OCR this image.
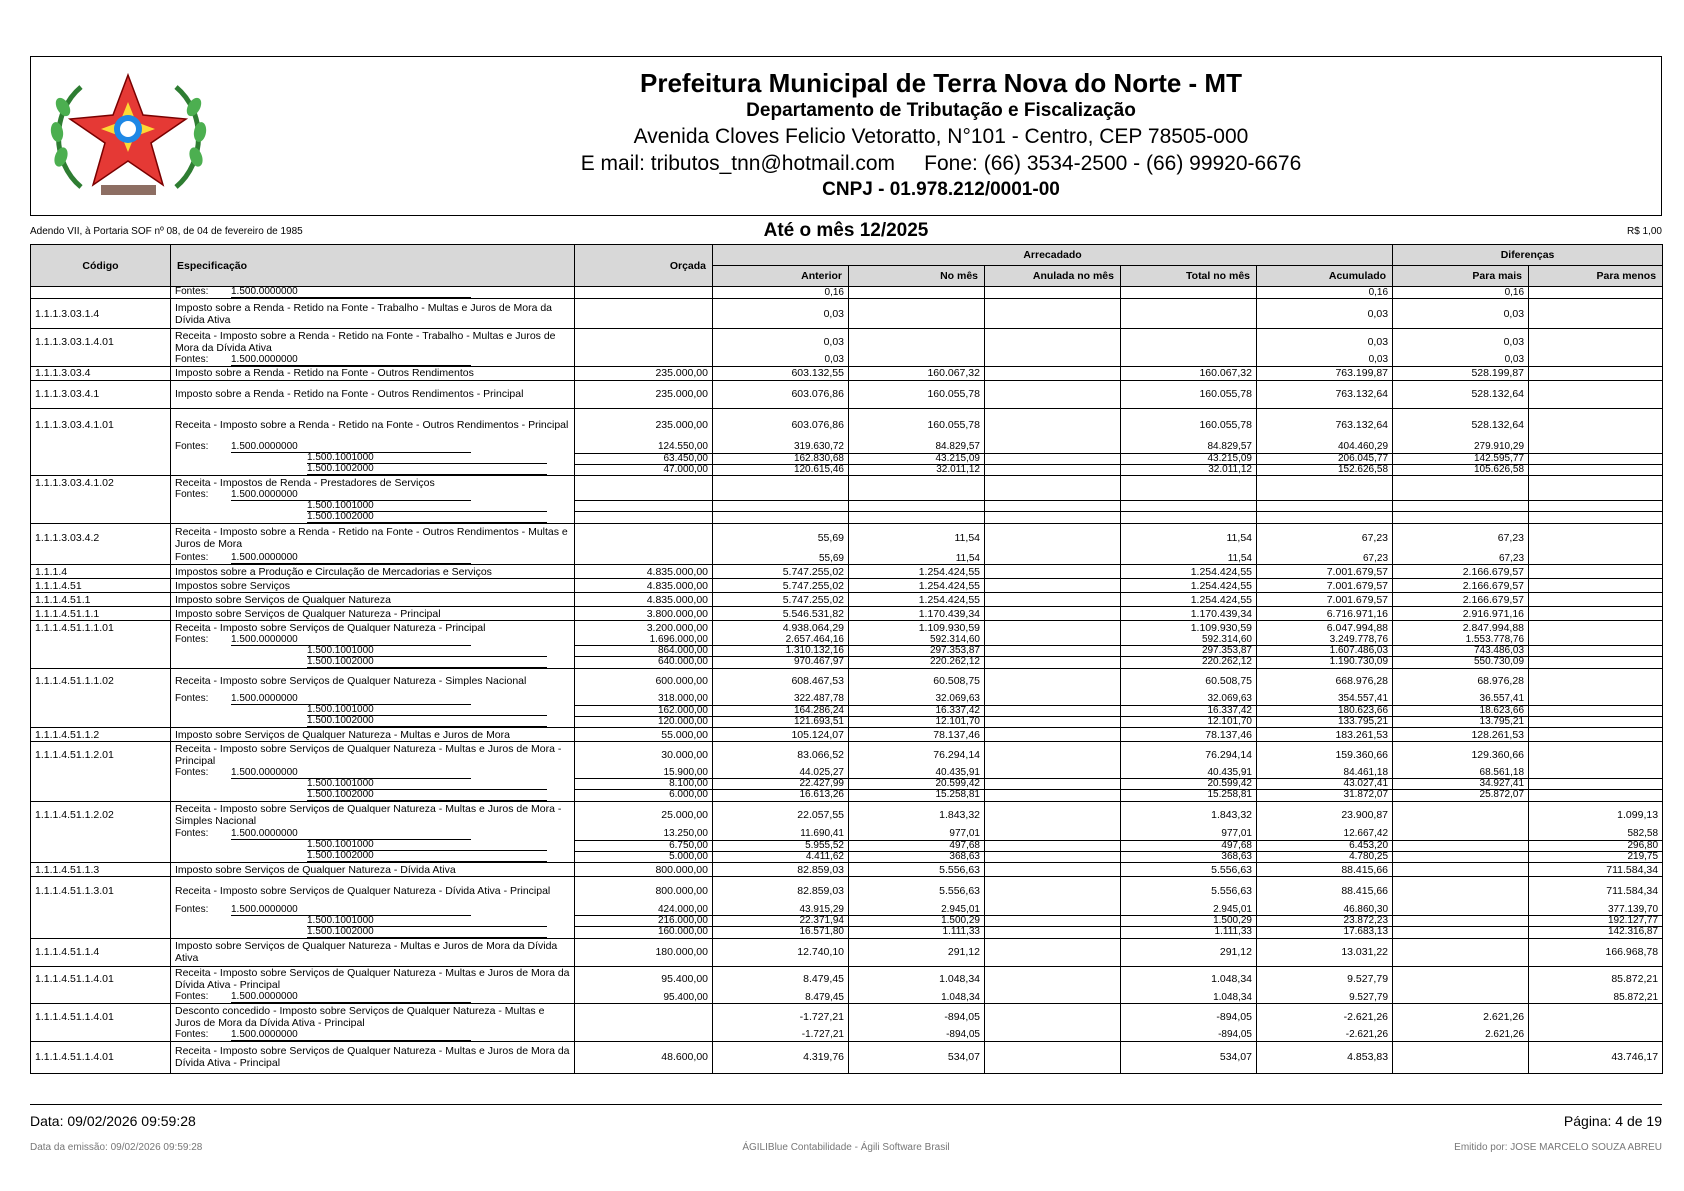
Prefeitura Municipal de Terra Nova do Norte - MT
Departamento de Tributação e Fiscalização
Avenida Cloves Felicio Vetoratto, N°101 - Centro, CEP 78505-000
E mail: tributos_tnn@hotmail.com     Fone: (66) 3534-2500 - (66) 99920-6676
CNPJ - 01.978.212/0001-00
Adendo VII, à Portaria SOF nº 08, de 04 de fevereiro de 1985	Até o mês 12/2025	R$ 1,00
Código	Especificação	Orçada	Arrecadado					Diferenças	
			Anterior	No mês	Anulada no mês	Total no mês	Acumulado	Para mais	Para menos
	Fontes: 1.500.0000000		0,16				0,16	0,16	
1.1.1.3.03.1.4	Imposto sobre a Renda - Retido na Fonte - Trabalho - Multas e Juros de Mora da Dívida Ativa		0,03				0,03	0,03	
1.1.1.3.03.1.4.01	Receita - Imposto sobre a Renda - Retido na Fonte - Trabalho - Multas e Juros de Mora da Dívida Ativa		0,03				0,03	0,03	
	Fontes: 1.500.0000000		0,03				0,03	0,03	
1.1.1.3.03.4	Imposto sobre a Renda - Retido na Fonte - Outros Rendimentos	235.000,00	603.132,55	160.067,32		160.067,32	763.199,87	528.199,87	
1.1.1.3.03.4.1	Imposto sobre a Renda - Retido na Fonte - Outros Rendimentos - Principal	235.000,00	603.076,86	160.055,78		160.055,78	763.132,64	528.132,64	
1.1.1.3.03.4.1.01	Receita - Imposto sobre a Renda - Retido na Fonte - Outros Rendimentos - Principal	235.000,00	603.076,86	160.055,78		160.055,78	763.132,64	528.132,64	
	Fontes: 1.500.0000000	124.550,00	319.630,72	84.829,57		84.829,57	404.460,29	279.910,29	
	1.500.1001000	63.450,00	162.830,68	43.215,09		43.215,09	206.045,77	142.595,77	
	1.500.1002000	47.000,00	120.615,46	32.011,12		32.011,12	152.626,58	105.626,58	
1.1.1.3.03.4.1.02	Receita - Impostos de Renda - Prestadores de Serviços								
	Fontes: 1.500.0000000								
	1.500.1001000								
	1.500.1002000								
1.1.1.3.03.4.2	Receita - Imposto sobre a Renda - Retido na Fonte - Outros Rendimentos - Multas e Juros de Mora		55,69	11,54		11,54	67,23	67,23	
	Fontes: 1.500.0000000		55,69	11,54		11,54	67,23	67,23	
1.1.1.4	Impostos sobre a Produção e Circulação de Mercadorias e Serviços	4.835.000,00	5.747.255,02	1.254.424,55		1.254.424,55	7.001.679,57	2.166.679,57	
1.1.1.4.51	Impostos sobre Serviços	4.835.000,00	5.747.255,02	1.254.424,55		1.254.424,55	7.001.679,57	2.166.679,57	
1.1.1.4.51.1	Imposto sobre Serviços de Qualquer Natureza	4.835.000,00	5.747.255,02	1.254.424,55		1.254.424,55	7.001.679,57	2.166.679,57	
1.1.1.4.51.1.1	Imposto sobre Serviços de Qualquer Natureza - Principal	3.800.000,00	5.546.531,82	1.170.439,34		1.170.439,34	6.716.971,16	2.916.971,16	
1.1.1.4.51.1.1.01	Receita - Imposto sobre Serviços de Qualquer Natureza - Principal	3.200.000,00	4.938.064,29	1.109.930,59		1.109.930,59	6.047.994,88	2.847.994,88	
	Fontes: 1.500.0000000	1.696.000,00	2.657.464,16	592.314,60		592.314,60	3.249.778,76	1.553.778,76	
	1.500.1001000	864.000,00	1.310.132,16	297.353,87		297.353,87	1.607.486,03	743.486,03	
	1.500.1002000	640.000,00	970.467,97	220.262,12		220.262,12	1.190.730,09	550.730,09	
1.1.1.4.51.1.1.02	Receita - Imposto sobre Serviços de Qualquer Natureza - Simples Nacional	600.000,00	608.467,53	60.508,75		60.508,75	668.976,28	68.976,28	
	Fontes: 1.500.0000000	318.000,00	322.487,78	32.069,63		32.069,63	354.557,41	36.557,41	
	1.500.1001000	162.000,00	164.286,24	16.337,42		16.337,42	180.623,66	18.623,66	
	1.500.1002000	120.000,00	121.693,51	12.101,70		12.101,70	133.795,21	13.795,21	
1.1.1.4.51.1.2	Imposto sobre Serviços de Qualquer Natureza - Multas e Juros de Mora	55.000,00	105.124,07	78.137,46		78.137,46	183.261,53	128.261,53	
1.1.1.4.51.1.2.01	Receita - Imposto sobre Serviços de Qualquer Natureza - Multas e Juros de Mora - Principal	30.000,00	83.066,52	76.294,14		76.294,14	159.360,66	129.360,66	
	Fontes: 1.500.0000000	15.900,00	44.025,27	40.435,91		40.435,91	84.461,18	68.561,18	
	1.500.1001000	8.100,00	22.427,99	20.599,42		20.599,42	43.027,41	34.927,41	
	1.500.1002000	6.000,00	16.613,26	15.258,81		15.258,81	31.872,07	25.872,07	
1.1.1.4.51.1.2.02	Receita - Imposto sobre Serviços de Qualquer Natureza - Multas e Juros de Mora - Simples Nacional	25.000,00	22.057,55	1.843,32		1.843,32	23.900,87		1.099,13
	Fontes: 1.500.0000000	13.250,00	11.690,41	977,01		977,01	12.667,42		582,58
	1.500.1001000	6.750,00	5.955,52	497,68		497,68	6.453,20		296,80
	1.500.1002000	5.000,00	4.411,62	368,63		368,63	4.780,25		219,75
1.1.1.4.51.1.3	Imposto sobre Serviços de Qualquer Natureza - Dívida Ativa	800.000,00	82.859,03	5.556,63		5.556,63	88.415,66		711.584,34
1.1.1.4.51.1.3.01	Receita - Imposto sobre Serviços de Qualquer Natureza - Dívida Ativa - Principal	800.000,00	82.859,03	5.556,63		5.556,63	88.415,66		711.584,34
	Fontes: 1.500.0000000	424.000,00	43.915,29	2.945,01		2.945,01	46.860,30		377.139,70
	1.500.1001000	216.000,00	22.371,94	1.500,29		1.500,29	23.872,23		192.127,77
	1.500.1002000	160.000,00	16.571,80	1.111,33		1.111,33	17.683,13		142.316,87
1.1.1.4.51.1.4	Imposto sobre Serviços de Qualquer Natureza - Multas e Juros de Mora da Dívida Ativa	180.000,00	12.740,10	291,12		291,12	13.031,22		166.968,78
1.1.1.4.51.1.4.01	Receita - Imposto sobre Serviços de Qualquer Natureza - Multas e Juros de Mora da Dívida Ativa - Principal	95.400,00	8.479,45	1.048,34		1.048,34	9.527,79		85.872,21
	Fontes: 1.500.0000000	95.400,00	8.479,45	1.048,34		1.048,34	9.527,79		85.872,21
1.1.1.4.51.1.4.01	Desconto concedido - Imposto sobre Serviços de Qualquer Natureza - Multas e Juros de Mora da Dívida Ativa - Principal		-1.727,21	-894,05		-894,05	-2.621,26	2.621,26	
	Fontes: 1.500.0000000		-1.727,21	-894,05		-894,05	-2.621,26	2.621,26	
1.1.1.4.51.1.4.01	Receita - Imposto sobre Serviços de Qualquer Natureza - Multas e Juros de Mora da Dívida Ativa - Principal	48.600,00	4.319,76	534,07		534,07	4.853,83		43.746,17
Data: 09/02/2026 09:59:28	Página: 4 de 19
Data da emissão: 09/02/2026 09:59:28	ÁGILIBlue Contabilidade - Ágili Software Brasil	Emitido por: JOSE MARCELO SOUZA ABREU
